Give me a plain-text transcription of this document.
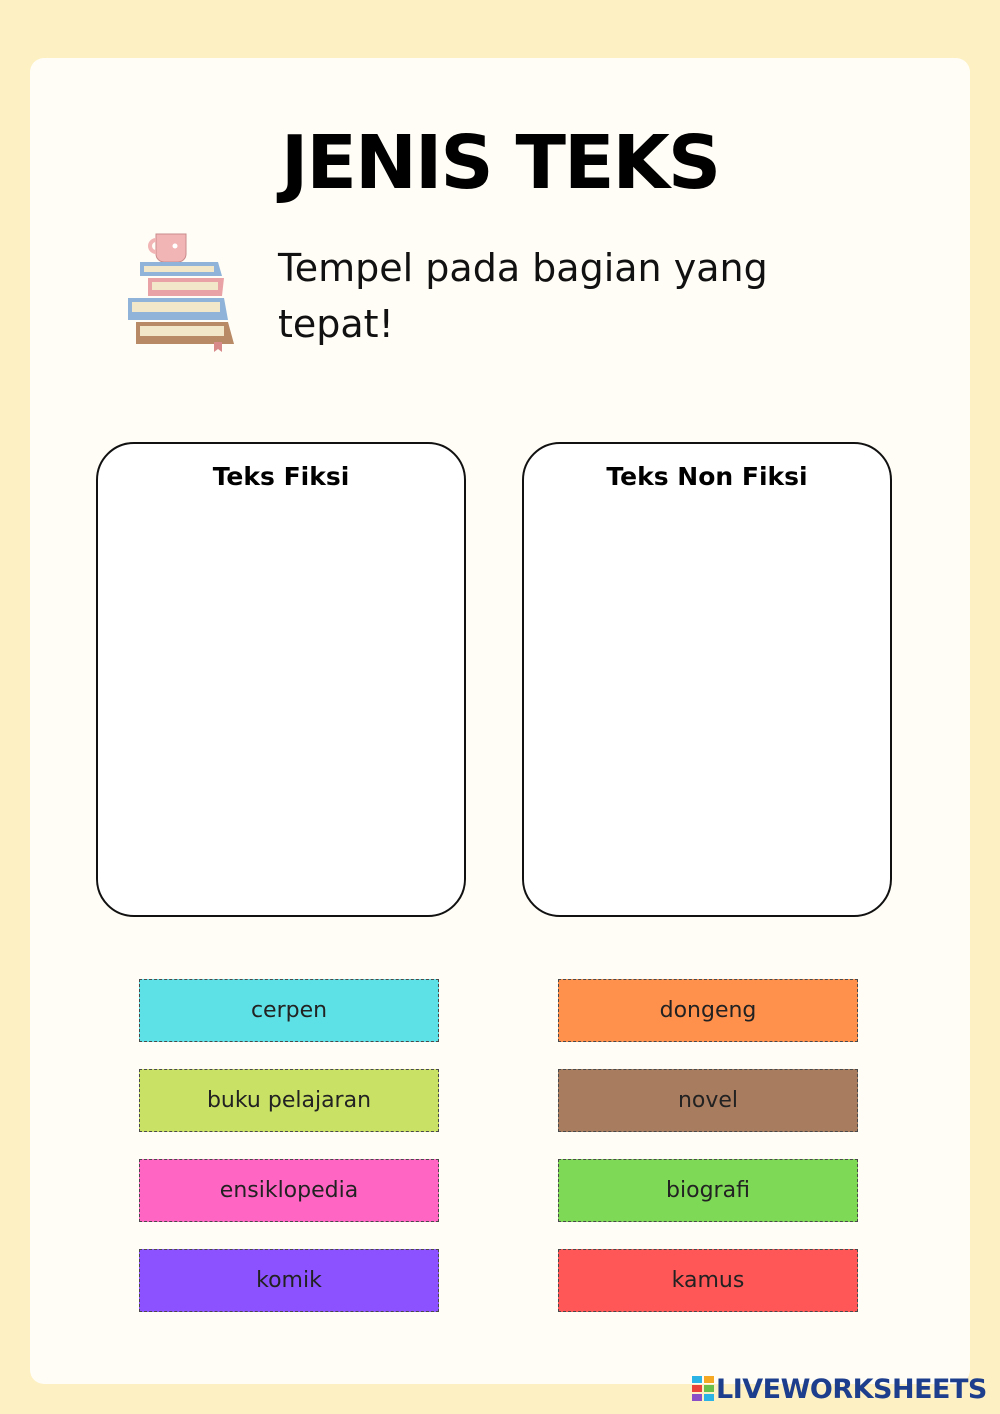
JENIS TEKS
Tempel pada bagian yang
tepat!
Teks Fiksi	Teks Non Fiksi
cerpen	dongeng
buku pelajaran	novel
ensiklopedia	biografi
komik	kamus
LIVEWORKSHEETS
